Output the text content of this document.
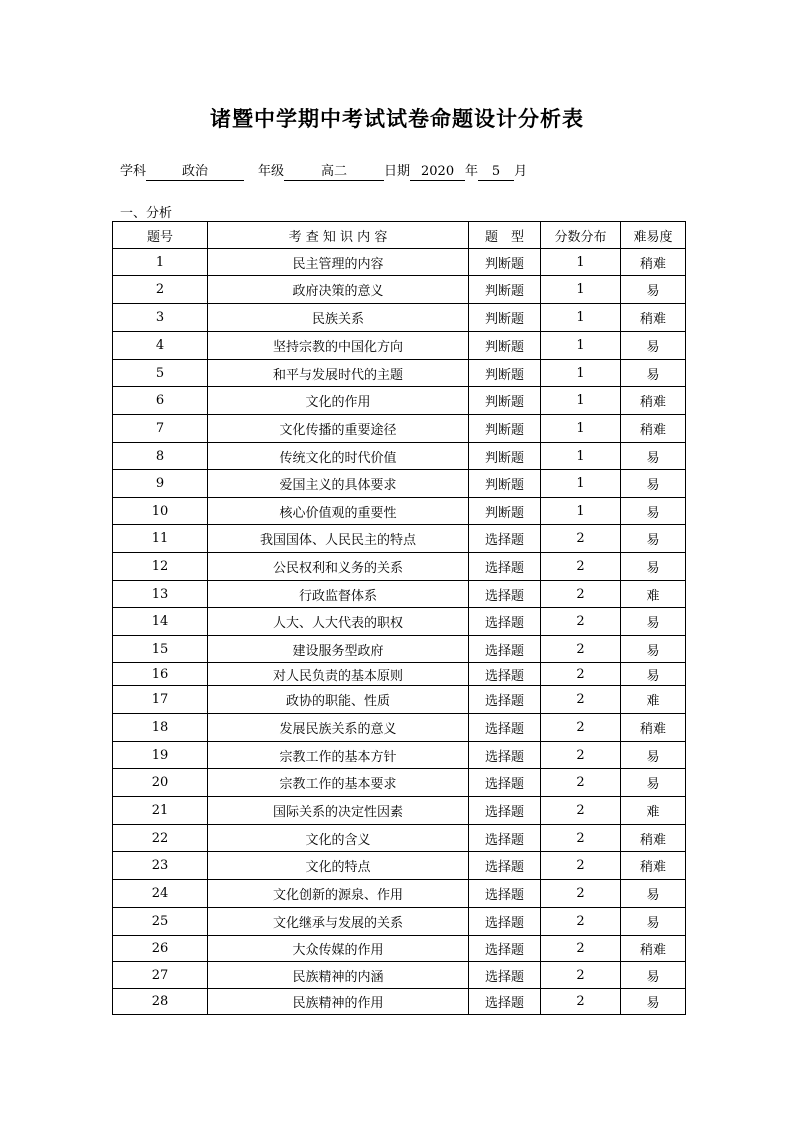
诸暨中学期中考试试卷命题设计分析表
学科	政治	年级	高二	日期 2020 年 5 月
一、分析
题号	考 查 知 识 内 容	题　型	分数分布	难易度
1	民主管理的内容	判断题	1	稍难
2	政府决策的意义	判断题	1	易
3	民族关系	判断题	1	稍难
4	坚持宗教的中国化方向	判断题	1	易
5	和平与发展时代的主题	判断题	1	易
6	文化的作用	判断题	1	稍难
7	文化传播的重要途径	判断题	1	稍难
8	传统文化的时代价值	判断题	1	易
9	爱国主义的具体要求	判断题	1	易
10	核心价值观的重要性	判断题	1	易
11	我国国体、人民民主的特点	选择题	2	易
12	公民权利和义务的关系	选择题	2	易
13	行政监督体系	选择题	2	难
14	人大、人大代表的职权	选择题	2	易
15	建设服务型政府	选择题	2	易
16	对人民负责的基本原则	选择题	2	易
17	政协的职能、性质	选择题	2	难
18	发展民族关系的意义	选择题	2	稍难
19	宗教工作的基本方针	选择题	2	易
20	宗教工作的基本要求	选择题	2	易
21	国际关系的决定性因素	选择题	2	难
22	文化的含义	选择题	2	稍难
23	文化的特点	选择题	2	稍难
24	文化创新的源泉、作用	选择题	2	易
25	文化继承与发展的关系	选择题	2	易
26	大众传媒的作用	选择题	2	稍难
27	民族精神的内涵	选择题	2	易
28	民族精神的作用	选择题	2	易
